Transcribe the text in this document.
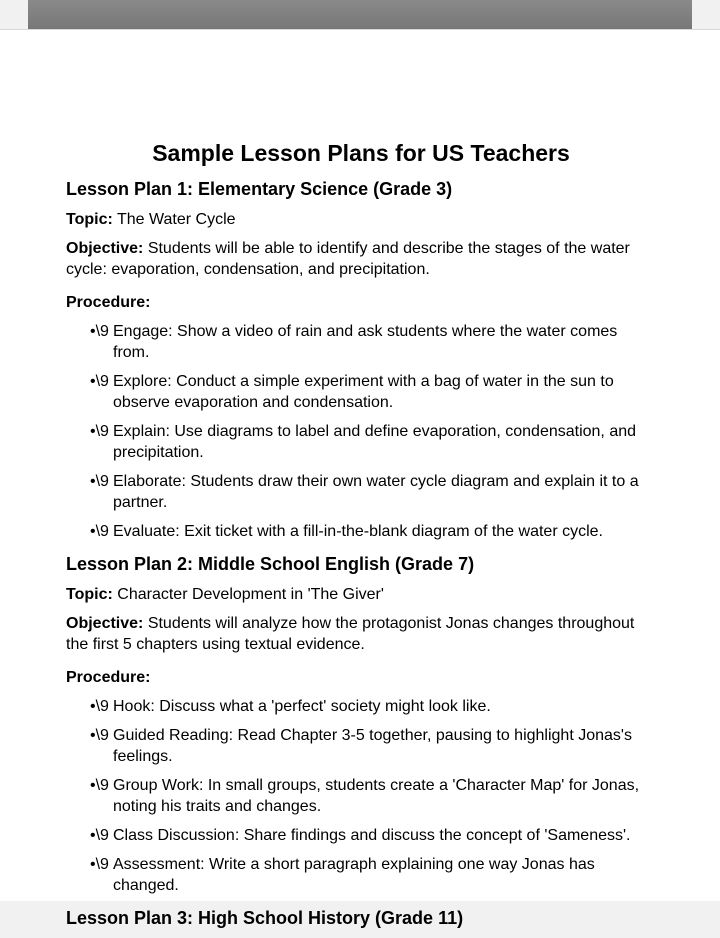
Sample Lesson Plans for US Teachers
Lesson Plan 1: Elementary Science (Grade 3)

Topic: The Water Cycle

Objective: Students will be able to identify and describe the stages of the water cycle: evaporation, condensation, and precipitation.

Procedure:
•\9 Engage: Show a video of rain and ask students where the water comes from.
•\9 Explore: Conduct a simple experiment with a bag of water in the sun to observe evaporation and condensation.
•\9 Explain: Use diagrams to label and define evaporation, condensation, and precipitation.
•\9 Elaborate: Students draw their own water cycle diagram and explain it to a partner.
•\9 Evaluate: Exit ticket with a fill-in-the-blank diagram of the water cycle.
Lesson Plan 2: Middle School English (Grade 7)

Topic: Character Development in 'The Giver'

Objective: Students will analyze how the protagonist Jonas changes throughout the first 5 chapters using textual evidence.

Procedure:
•\9 Hook: Discuss what a 'perfect' society might look like.
•\9 Guided Reading: Read Chapter 3-5 together, pausing to highlight Jonas's feelings.
•\9 Group Work: In small groups, students create a 'Character Map' for Jonas, noting his traits and changes.
•\9 Class Discussion: Share findings and discuss the concept of 'Sameness'.
•\9 Assessment: Write a short paragraph explaining one way Jonas has changed.
Lesson Plan 3: High School History (Grade 11)
